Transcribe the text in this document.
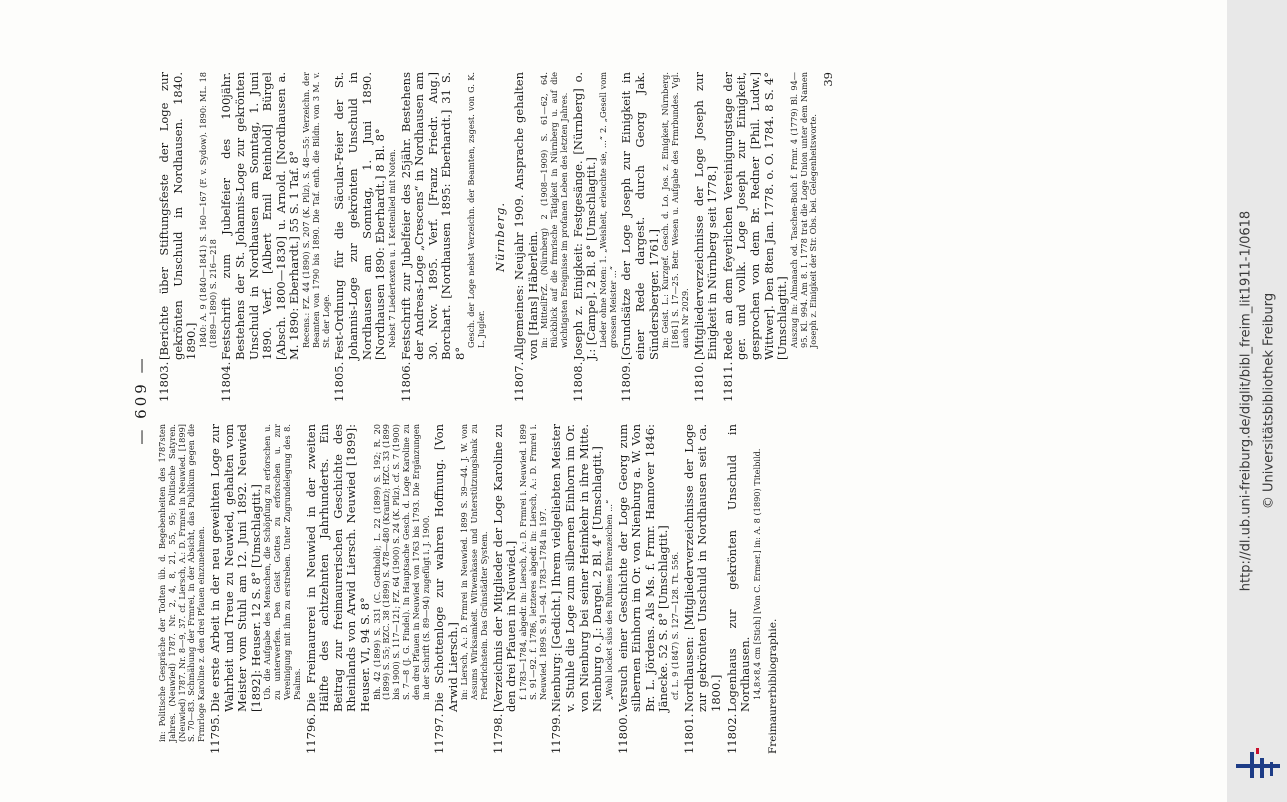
— 609 —

in: Politische Gespräche der Todten üb. d. Begebenheiten des 1787sten Jahres. (Neuwied) 1787. Nr. 2, 4, 8, 21, 55, 95; Politische Satyren. (Neuwied) 1787. Nr. 8—9, 37. cf. Liersch, A.: D. Frmrei in Neuwied. [1899] S. 70—83. Schmähung der Frmrei, in der Absicht, das Publikum gegen die Frmrloge Karoline z. den drei Pfauen einzunehmen. 11795.

Die erste Arbeit in der neu geweihten Loge zur Wahrheit und Treue zu Neuwied, gehalten vom Meister vom Stuhl am 12. Juni 1892. Neuwied [1892]: Heuser. 12 S. 8° [Umschlagtit.] Ub. die Aufgabe des Menschen, die Schöpfung zu erforschen u. zu unterwerfen. Den Geist Gottes zu erforschen u. zur Vereinigung mit ihm zu erstreben. Unter Zugrundelegung des 8. Psalms.

11796.

Die Freimaurerei in Neuwied in der zweiten Hälfte des achtzehnten Jahrhunderts. Ein Beitrag zur freimaurerischen Geschichte des Rheinlands von Arwid Liersch. Neuwied [1899]: Heuser. VI, 94 S. 8° Bh. 42 (1899) S. 331 (C. Gotthold); L. 22 (1899) S. 192; R. 20 (1899) S. 55; BZC. 38 (1899) S. 478—480 (Krantz); HZC. 33 (1899 bis 1900) S. 117—121; FZ. 64 (1900) S. 24 (K. Pilz). cf. S. 7 (1900) S. 7—8 (J. G. Findel). In Hauptsache Gesch. d. Loge Karoline zu den drei Pfauen in Neuwied von 1763 bis 1793. Die Ergänzungen in der Schrift (S. 89—94) zugefügt i. J. 1900.

11797.

Die Schottenloge zur wahren Hoffnung. [Von Arwid Liersch.] in: Liersch, A.: D. Frmrei in Neuwied. 1899 S. 39—44. J. W. von Assums Wirksamkeit. Witwenkasse und Unterstützungsbank zu Friedrichstein. Das Grünstädter System.

11798.

[Verzeichnis der Mitglieder der Loge Karoline zu den drei Pfauen in Neuwied.] f. 1783—1784, abgedr. in: Liersch, A.: D. Frmrei i. Neuwied. 1899 S. 91—92. f. 1786, letzteres abgedr. in: Liersch, A.: D. Frmrei i. Neuwied. 1899 S. 91—94. 1783—1784 in 197.

11799.

Nienburg: [Gedicht.] Ihrem vielgeliebten Meister v. Stuhle die Loge zum silbernen Einhorn im Or. von Nienburg bei seiner Heimkehr in ihre Mitte. Nienburg o. J.: Dargel. 2 Bl. 4° [Umschlagtit.] „Wohl locket süss des Ruhmes Ehrenzeichen ...“

11800.

Versuch einer Geschichte der Loge Georg zum silbernen Einhorn im Or. von Nienburg a. W. Von Br. L. Jördens. Als Ms. f. Frmr. Hannover 1846: Jänecke. 52 S. 8° [Umschlagtit.] cf. L. 9 (1847) S. 127—128. Tt. 556.

11801.

Nordhausen: [Mitgliederverzeichnisse der Loge zur gekrönten Unschuld in Nordhausen seit ca. 1800.]

11802.

Logenhaus zur gekrönten Unschuld in Nordhausen. 14,8×8,4 cm [Stich] [Von C. Ermer.] in: A. 8 (1890) Titelbild. Freimaurerbibliographie.
11803.

[Berichte über Stiftungsfeste der Loge zur gekrönten Unschuld in Nordhausen. 1840. 1890.] 1840: A. 9 (1840—1841) S. 160—167 (F. v. Sydow). 1890: ML. 18 (1889—1890) S. 216—218

11804.

Festschrift zum Jubelfeier des 100jähr. Bestehens der St. Johannis-Loge zur gekrönten Unschuld in Nordhausen am Sonntag, 1. Juni 1890. Verf. [Albert Emil Reinhold] Bürgel [Absch. 1800—1830] u. Arnold. [Nordhausen a. M. 1890: Eberhardt.] 55 S. 1 Taf. 8° Recens.: FZ. 44 (1890) S. 207 (K. Pilz). S. 48—55: Verzeichn. der Beamten von 1790 bis 1890. Die Taf. enth. die Bildn. von 3 M. v. St. der Loge.

11805.

Fest-Ordnung für die Säcular-Feier der St. Johannis-Loge zur gekrönten Unschuld in Nordhausen am Sonntag, 1. Juni 1890. [Nordhausen 1890: Eberhardt.] 8 Bl. 8° Nebst 7 Liedertexten u. 1 Kettenlied mit Noten.

11806.

Festschrift zur Jubelfeier des 25jähr. Bestehens der Andreas-Loge „Crescens“ in Nordhausen am 30. Nov. 1895. Verf. [Franz Friedr. Aug.] Borchart. [Nordhausen 1895: Eberhardt.] 31 S. 8°

Gesch. der Loge nebst Verzeichn. der Beamten, zsgest. von G. K. L. Jugler.

Nürnberg.
11807.

Allgemeines: Neujahr 1909. Ansprache gehalten von [Hans] Häberlein. in: MitteilFrZ. (Nürnberg) 2 (1908—1909) S. 61—62, 64. Rückblick auf die frmrische Tätigkeit in Nürnberg u. auf die wichtigsten Ereignisse im profanen Leben des letzten Jahres.

11808.

Joseph z. Einigkeit: Festgesänge. [Nürnberg] o. J.: [Campe]. 2 Bl. 8° [Umschlagtit.] Lieder ohne Noten: 1. „Weisheit, erleuchte sie, ...“ 2. „Gesell vom grossen Meister ...“

11809.

[Grundsätze der Loge Joseph zur Einigkeit in einer Rede dargest. durch Georg Jak. Sündersberger. 1761.] in: Geist. L.: Kurzgef. Gesch. d. Lo. Jos. z. Einigkeit, Nürnberg. [1861] S. 17—25. Betr. Wesen u. Aufgabe des Frmrbundes. Vgl. auch Nr 2029.

11810.

[Mitgliederverzeichnisse der Loge Joseph zur Einigkeit in Nürnberg seit 1778.]

11811.

Rede an dem feyerlichen Vereinigungstage der ger. und vollk. Loge Joseph zur Einigkeit, gesprochen von dem Br. Redner [Phil. Ludw.] Wittwer]. Den 8ten Jan. 1778. o. O. 1784. 8 S. 4° [Umschlagtit.] Auszug in: Almanach od. Taschen-Buch f. Frmr. 4 (1779) Bl. 94—95. Kl. 994. Am 8. I. 1778 trat die Loge Union unter dem Namen Joseph z. Einigkeit der Str. Obs. bei. Gelegenheitsworte.

39
http://dl.ub.uni-freiburg.de/diglit/bibl_freim_lit1911-1/0618 © Universitätsbibliothek Freiburg
